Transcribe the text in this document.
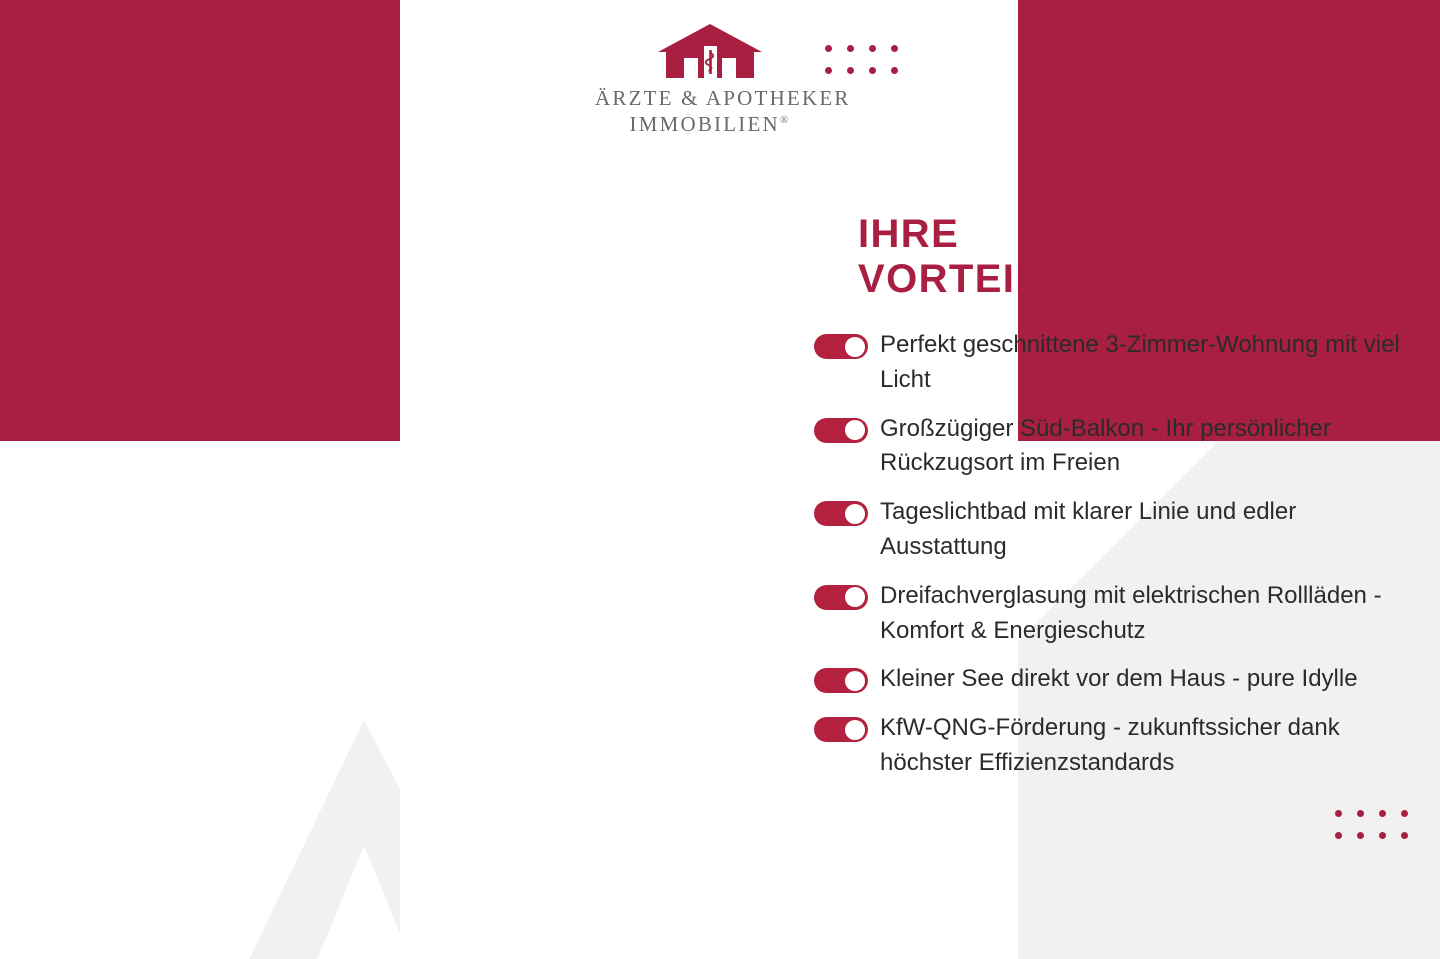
ÄRZTE & APOTHEKER
IMMOBILIEN®
IHRE VORTEILE
Perfekt geschnittene 3-Zimmer-Wohnung mit viel Licht
Großzügiger Süd-Balkon - Ihr persönlicher Rückzugsort im Freien
Tageslichtbad mit klarer Linie und edler Ausstattung
Dreifachverglasung mit elektrischen Rollläden - Komfort & Energieschutz
Kleiner See direkt vor dem Haus - pure Idylle
KfW-QNG-Förderung - zukunftssicher dank höchster Effizienzstandards
